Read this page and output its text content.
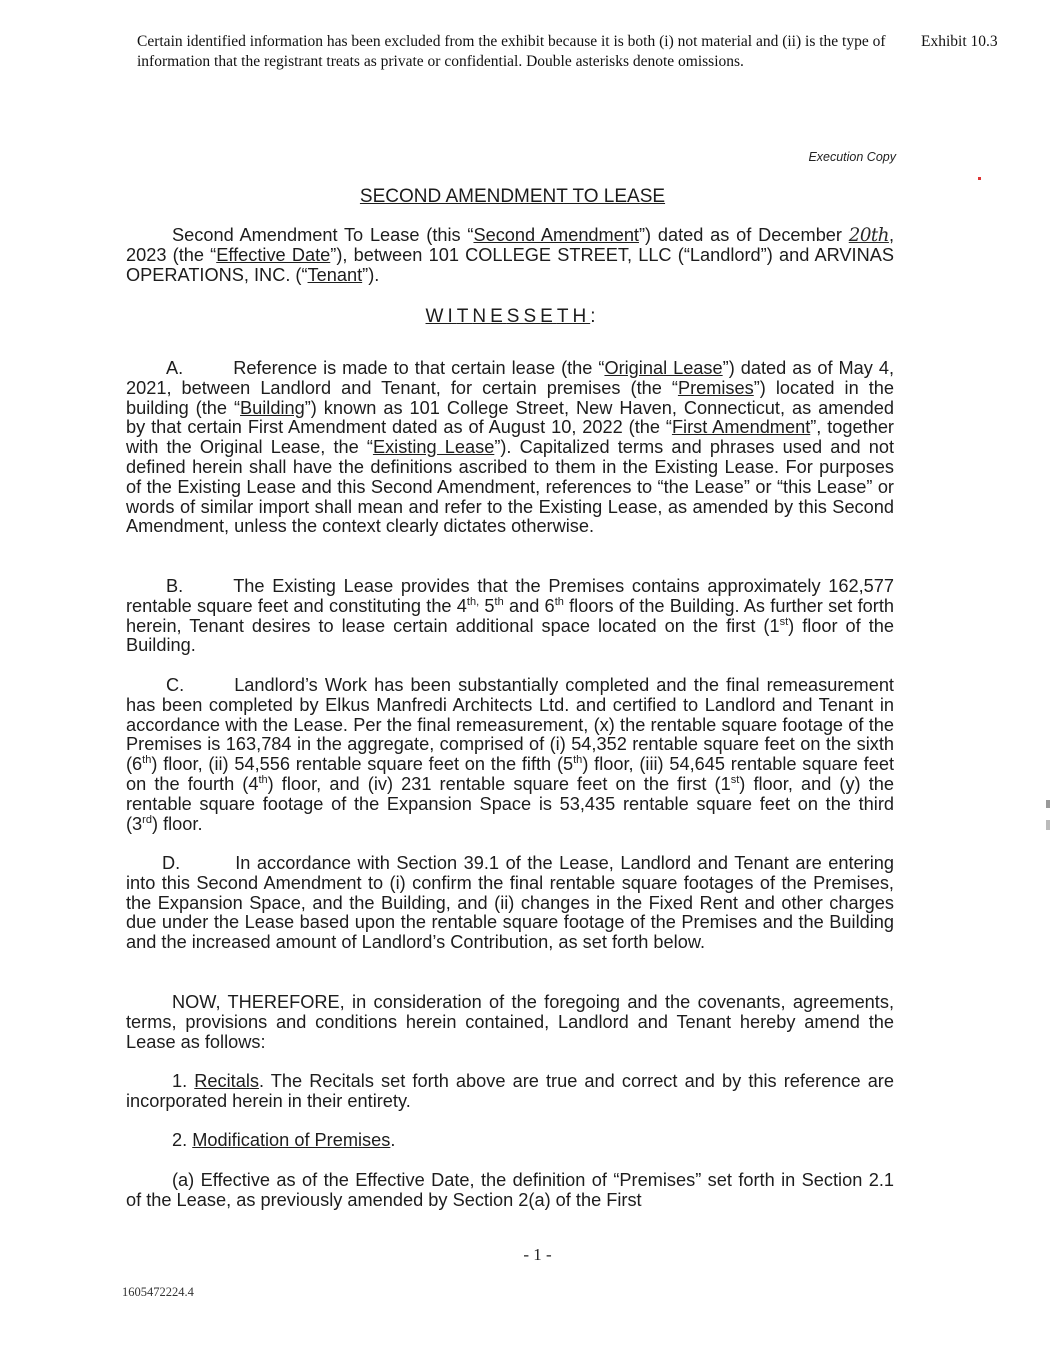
Certain identified information has been excluded from the exhibit because it is both (i) not material and (ii) is the type of information that the registrant treats as private or confidential. Double asterisks denote omissions.
Exhibit 10.3
Execution Copy
SECOND AMENDMENT TO LEASE

Second Amendment To Lease (this “Second Amendment”) dated as of December 20th, 2023 (the “Effective Date”), between 101 COLLEGE STREET, LLC (“Landlord”) and ARVINAS OPERATIONS, INC. (“Tenant”).

WITNESSETH:

A.	Reference is made to that certain lease (the “Original Lease”) dated as of May 4, 2021, between Landlord and Tenant, for certain premises (the “Premises”) located in the building (the “Building”) known as 101 College Street, New Haven, Connecticut, as amended by that certain First Amendment dated as of August 10, 2022 (the “First Amendment”, together with the Original Lease, the “Existing Lease”). Capitalized terms and phrases used and not defined herein shall have the definitions ascribed to them in the Existing Lease. For purposes of the Existing Lease and this Second Amendment, references to “the Lease” or “this Lease” or words of similar import shall mean and refer to the Existing Lease, as amended by this Second Amendment, unless the context clearly dictates otherwise.

B.	The Existing Lease provides that the Premises contains approximately 162,577 rentable square feet and constituting the $4^{th,}$ 5th and 6th floors of the Building. As further set forth herein, Tenant desires to lease certain additional space located on the first (1st) floor of the Building.

C.	Landlord’s Work has been substantially completed and the final remeasurement has been completed by Elkus Manfredi Architects Ltd. and certified to Landlord and Tenant in accordance with the Lease. Per the final remeasurement, (x) the rentable square footage of the Premises is 163,784 in the aggregate, comprised of (i) 54,352 rentable square feet on the sixth (6th) floor, (ii) 54,556 rentable square feet on the fifth (5th) floor, (iii) 54,645 rentable square feet on the fourth (4th) floor, and (iv) 231 rentable square feet on the first (1st) floor, and (y) the rentable square footage of the Expansion Space is 53,435 rentable square feet on the third (3rd) floor.

D.	In accordance with Section 39.1 of the Lease, Landlord and Tenant are entering into this Second Amendment to (i) confirm the final rentable square footages of the Premises, the Expansion Space, and the Building, and (ii) changes in the Fixed Rent and other charges due under the Lease based upon the rentable square footage of the Premises and the Building and the increased amount of Landlord’s Contribution, as set forth below.

NOW, THEREFORE, in consideration of the foregoing and the covenants, agreements, terms, provisions and conditions herein contained, Landlord and Tenant hereby amend the Lease as follows:

1. Recitals. The Recitals set forth above are true and correct and by this reference are incorporated herein in their entirety.

2. Modification of Premises.

(a) Effective as of the Effective Date, the definition of “Premises” set forth in Section 2.1 of the Lease, as previously amended by Section 2(a) of the First

- 1 -
1605472224.4
